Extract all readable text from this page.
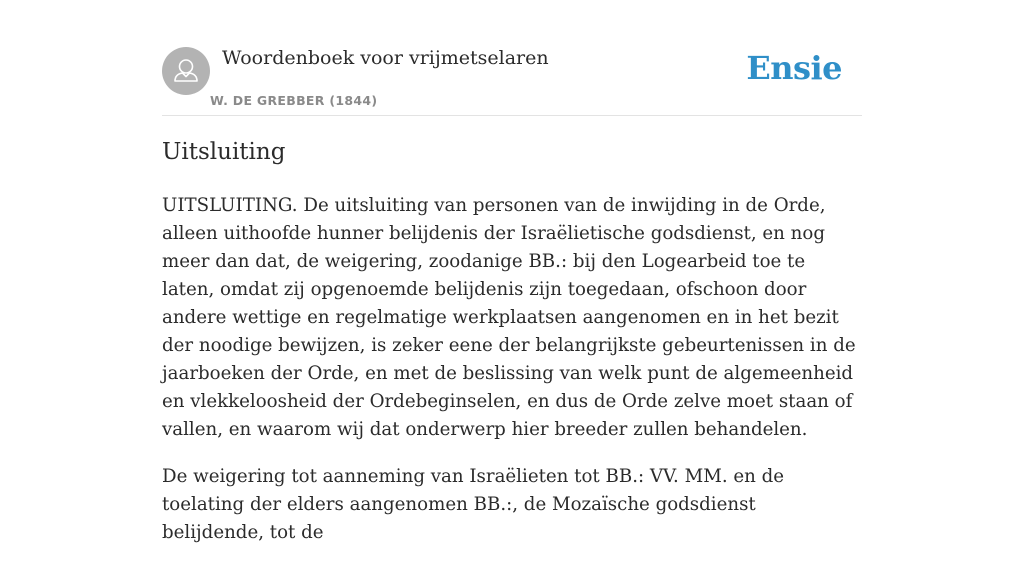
Woordenboek voor vrijmetselaren
W. DE GREBBER (1844)
Ensie
Uitsluiting

UITSLUITING. De uitsluiting van personen van de inwijding in de Orde, alleen uithoofde hunner belijdenis der Israëlietische godsdienst, en nog meer dan dat, de weigering, zoodanige BB.: bij den Logearbeid toe te laten, omdat zij opgenoemde belijdenis zijn toegedaan, ofschoon door andere wettige en regelmatige werkplaatsen aangenomen en in het bezit der noodige bewijzen, is zeker eene der belangrijkste gebeurtenissen in de jaarboeken der Orde, en met de beslissing van welk punt de algemeenheid en vlekkeloosheid der Ordebeginselen, en dus de Orde zelve moet staan of vallen, en waarom wij dat onderwerp hier breeder zullen behandelen.

De weigering tot aanneming van Israëlieten tot BB.: VV. MM. en de toelating der elders aangenomen BB.:, de Mozaïsche godsdienst belijdende, tot de
